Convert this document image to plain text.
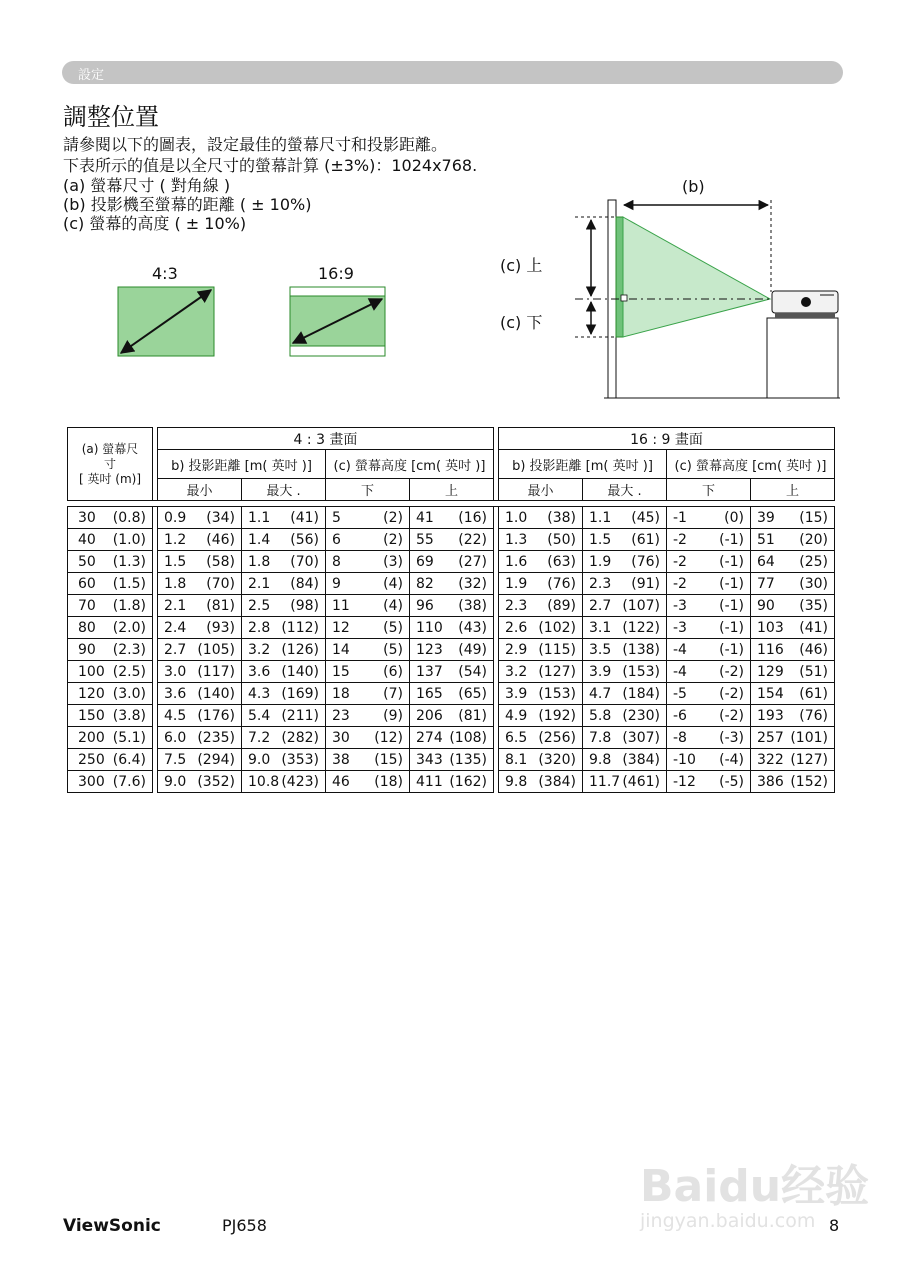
設定
調整位置
請參閱以下的圖表，設定最佳的螢幕尺寸和投影距離。
下表所示的值是以全尺寸的螢幕計算 (±3%)：1024x768.
(a) 螢幕尺寸 ( 對角線 )
(b) 投影機至螢幕的距離 ( ± 10%)
(c) 螢幕的高度 ( ± 10%)
4:3	16:9
(b)
(c) 上
(c) 下
(a) 螢幕尺
寸
[ 英吋 (m)]		4 : 3 畫面					16 : 9 畫面			
		b) 投影距離 [m( 英吋 )]		(c) 螢幕高度 [cm( 英吋 )]			b) 投影距離 [m( 英吋 )]		(c) 螢幕高度 [cm( 英吋 )]	
		最小	最大 .	下	上		最小	最大 .	下	上

30 (0.8)		0.9 (34)	1.1 (41)	5 (2)	41 (16)		1.0 (38)	1.1 (45)	-1 (0)	39 (15)

40 (1.0)		1.2 (46)	1.4 (56)	6 (2)	55 (22)		1.3 (50)	1.5 (61)	-2 (-1)	51 (20)

50 (1.3)		1.5 (58)	1.8 (70)	8 (3)	69 (27)		1.6 (63)	1.9 (76)	-2 (-1)	64 (25)

60 (1.5)		1.8 (70)	2.1 (84)	9 (4)	82 (32)		1.9 (76)	2.3 (91)	-2 (-1)	77 (30)

70 (1.8)		2.1 (81)	2.5 (98)	11 (4)	96 (38)		2.3 (89)	2.7 (107)	-3 (-1)	90 (35)

80 (2.0)		2.4 (93)	2.8 (112)	12 (5)	110 (43)		2.6 (102)	3.1 (122)	-3 (-1)	103 (41)

90 (2.3)		2.7 (105)	3.2 (126)	14 (5)	123 (49)		2.9 (115)	3.5 (138)	-4 (-1)	116 (46)

100 (2.5)		3.0 (117)	3.6 (140)	15 (6)	137 (54)		3.2 (127)	3.9 (153)	-4 (-2)	129 (51)

120 (3.0)		3.6 (140)	4.3 (169)	18 (7)	165 (65)		3.9 (153)	4.7 (184)	-5 (-2)	154 (61)

150 (3.8)		4.5 (176)	5.4 (211)	23 (9)	206 (81)		4.9 (192)	5.8 (230)	-6 (-2)	193 (76)

200 (5.1)		6.0 (235)	7.2 (282)	30 (12)	274 (108)		6.5 (256)	7.8 (307)	-8 (-3)	257 (101)

250 (6.4)		7.5 (294)	9.0 (353)	38 (15)	343 (135)		8.1 (320)	9.8 (384)	-10 (-4)	322 (127)

300 (7.6)		9.0 (352)	10.8 (423)	46 (18)	411 (162)		9.8 (384)	11.7 (461)	-12 (-5)	386 (152)
Baidu经验
jingyan.baidu.com
ViewSonic	PJ658	8
